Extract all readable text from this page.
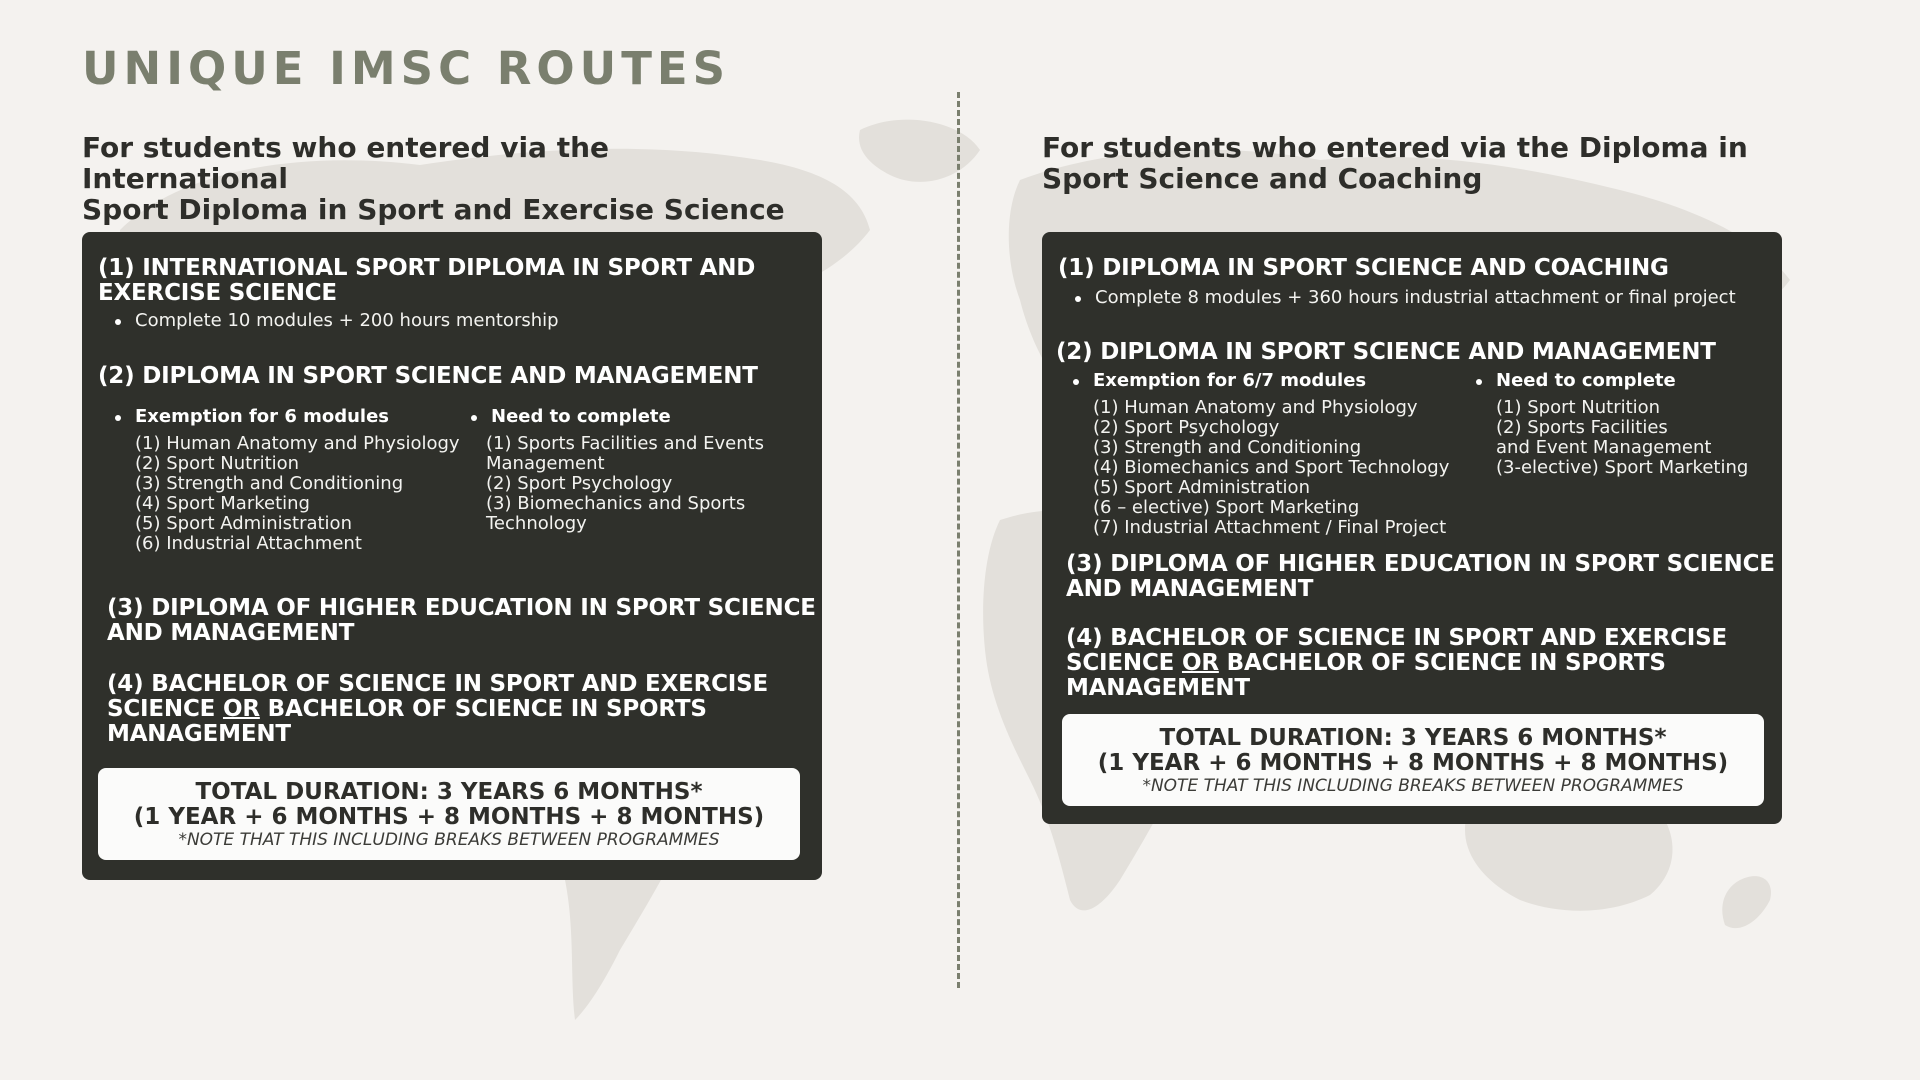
UNIQUE IMSC ROUTES
For students who entered via the International
Sport Diploma in Sport and Exercise Science
(1) INTERNATIONAL SPORT DIPLOMA IN SPORT AND
EXERCISE SCIENCE
Complete 10 modules + 200 hours mentorship
(2) DIPLOMA IN SPORT SCIENCE AND MANAGEMENT
Exemption for 6 modules
(1) Human Anatomy and Physiology
(2) Sport Nutrition
(3) Strength and Conditioning
(4) Sport Marketing
(5) Sport Administration
(6) Industrial Attachment
Need to complete
(1) Sports Facilities and Events Management
(2) Sport Psychology
(3) Biomechanics and Sports Technology
(3) DIPLOMA OF HIGHER EDUCATION IN SPORT SCIENCE
AND MANAGEMENT
(4) BACHELOR OF SCIENCE IN SPORT AND EXERCISE
SCIENCE OR BACHELOR OF SCIENCE IN SPORTS
MANAGEMENT

TOTAL DURATION: 3 YEARS 6 MONTHS*

(1 YEAR + 6 MONTHS + 8 MONTHS + 8 MONTHS)

*NOTE THAT THIS INCLUDING BREAKS BETWEEN PROGRAMMES

For students who entered via the Diploma in
Sport Science and Coaching
(1) DIPLOMA IN SPORT SCIENCE AND COACHING
Complete 8 modules + 360 hours industrial attachment or final project
(2) DIPLOMA IN SPORT SCIENCE AND MANAGEMENT
Exemption for 6/7 modules
(1) Human Anatomy and Physiology
(2) Sport Psychology
(3) Strength and Conditioning
(4) Biomechanics and Sport Technology
(5) Sport Administration
(6 – elective) Sport Marketing
(7) Industrial Attachment / Final Project
Need to complete
(1) Sport Nutrition
(2) Sports Facilities
and Event Management
(3-elective) Sport Marketing
(3) DIPLOMA OF HIGHER EDUCATION IN SPORT SCIENCE
AND MANAGEMENT
(4) BACHELOR OF SCIENCE IN SPORT AND EXERCISE
SCIENCE OR BACHELOR OF SCIENCE IN SPORTS
MANAGEMENT

TOTAL DURATION: 3 YEARS 6 MONTHS*

(1 YEAR + 6 MONTHS + 8 MONTHS + 8 MONTHS)

*NOTE THAT THIS INCLUDING BREAKS BETWEEN PROGRAMMES
